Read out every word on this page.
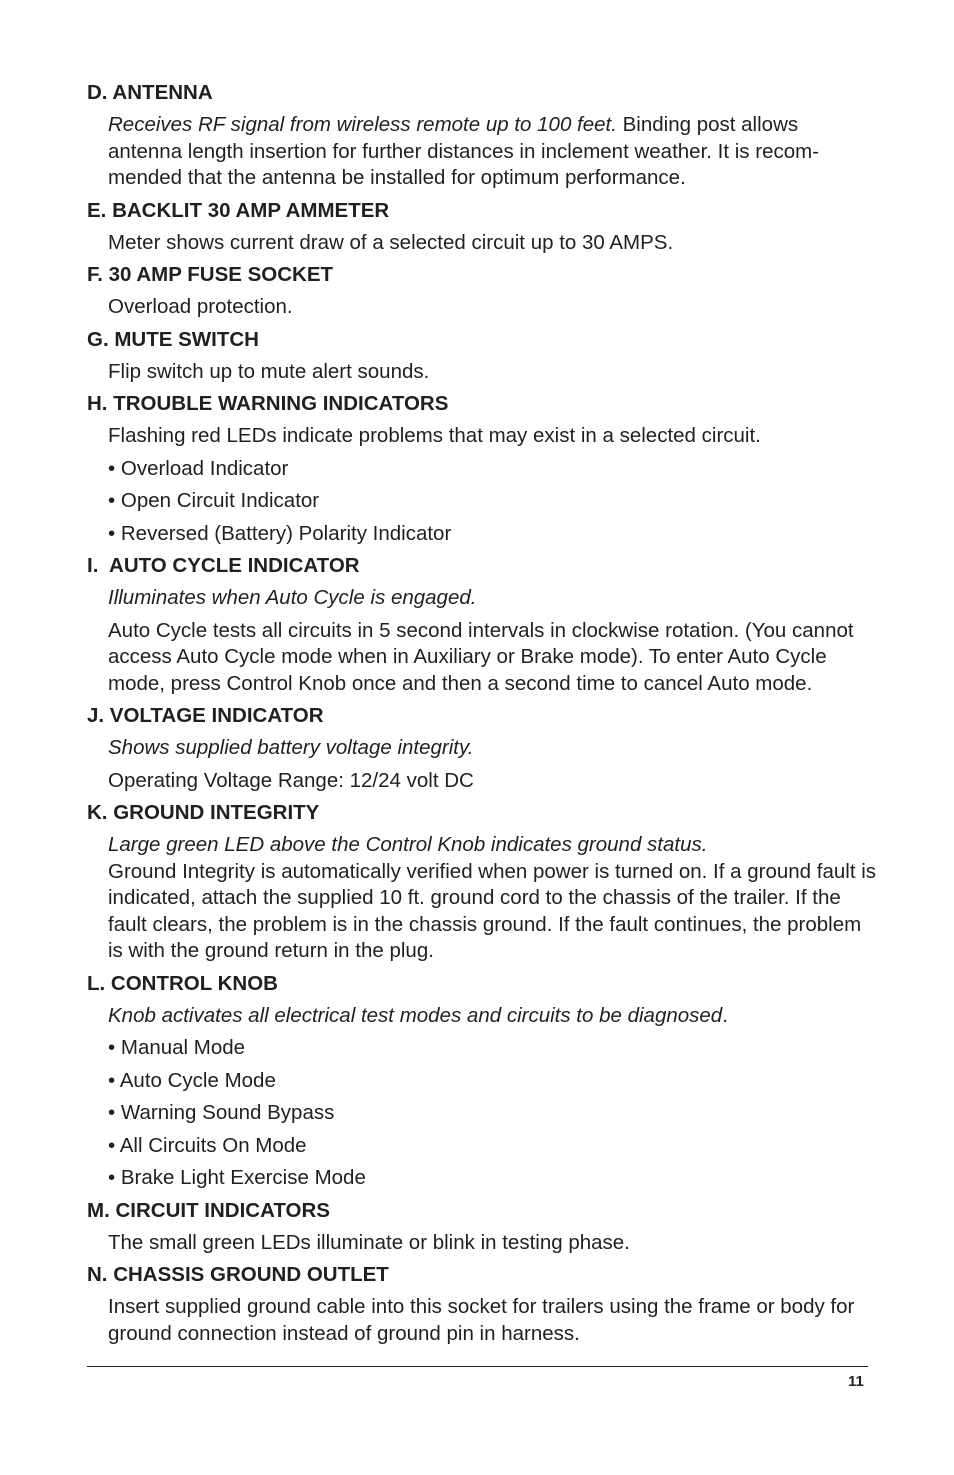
D. ANTENNA

Receives RF signal from wireless remote up to 100 feet. Binding post allows antenna length insertion for further distances in inclement weather. It is recom-mended that the antenna be installed for optimum performance.

E. BACKLIT 30 AMP AMMETER

Meter shows current draw of a selected circuit up to 30 AMPS.

F. 30 AMP FUSE SOCKET

Overload protection.

G. MUTE SWITCH

Flip switch up to mute alert sounds.

H. TROUBLE WARNING INDICATORS

Flashing red LEDs indicate problems that may exist in a selected circuit.

• Overload Indicator

• Open Circuit Indicator

• Reversed (Battery) Polarity Indicator

I.  AUTO CYCLE INDICATOR

Illuminates when Auto Cycle is engaged.

Auto Cycle tests all circuits in 5 second intervals in clockwise rotation. (You cannot access Auto Cycle mode when in Auxiliary or Brake mode). To enter Auto Cycle mode, press Control Knob once and then a second time to cancel Auto mode.

J. VOLTAGE INDICATOR

Shows supplied battery voltage integrity.

Operating Voltage Range: 12/24 volt DC

K. GROUND INTEGRITY

Large green LED above the Control Knob indicates ground status.

Ground Integrity is automatically verified when power is turned on. If a ground fault is indicated, attach the supplied 10 ft. ground cord to the chassis of the trailer. If the fault clears, the problem is in the chassis ground. If the fault continues, the problem is with the ground return in the plug.

L. CONTROL KNOB

Knob activates all electrical test modes and circuits to be diagnosed.

• Manual Mode

• Auto Cycle Mode

• Warning Sound Bypass

• All Circuits On Mode

• Brake Light Exercise Mode

M. CIRCUIT INDICATORS

The small green LEDs illuminate or blink in testing phase.

N. CHASSIS GROUND OUTLET

Insert supplied ground cable into this socket for trailers using the frame or body for ground connection instead of ground pin in harness.

11
